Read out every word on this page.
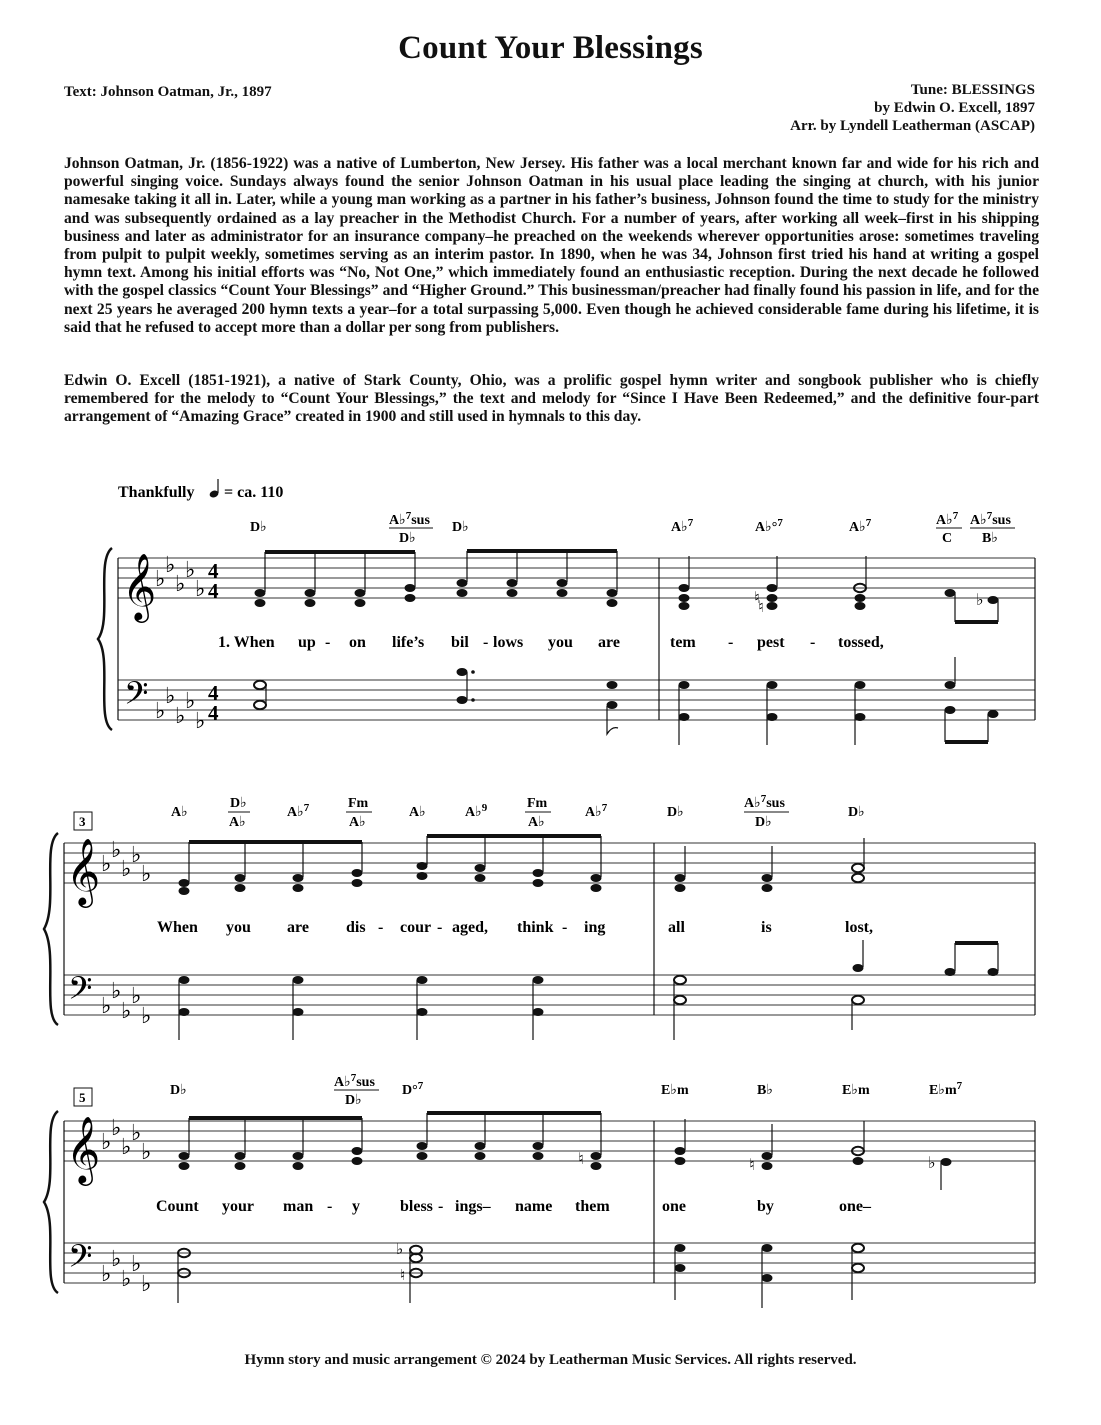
Count Your Blessings
Text: Johnson Oatman, Jr., 1897	Tune: BLESSINGS
by Edwin O. Excell, 1897
Arr. by Lyndell Leatherman (ASCAP)

Johnson Oatman, Jr. (1856-1922) was a native of Lumberton, New Jersey. His father was a local merchant known far and wide for his rich and powerful singing voice. Sundays always found the senior Johnson Oatman in his usual place leading the singing at church, with his junior namesake taking it all in. Later, while a young man working as a partner in his father’s business, Johnson found the time to study for the ministry and was subsequently ordained as a lay preacher in the Methodist Church. For a number of years, after working all week–first in his shipping business and later as administrator for an insurance company–he preached on the weekends wherever opportunities arose: sometimes traveling from pulpit to pulpit weekly, sometimes serving as an interim pastor. In 1890, when he was 34, Johnson first tried his hand at writing a gospel hymn text. Among his initial efforts was “No, Not One,” which immediately found an enthusiastic reception. During the next decade he followed with the gospel classics “Count Your Blessings” and “Higher Ground.” This businessman/preacher had finally found his passion in life, and for the next 25 years he averaged 200 hymn texts a year–for a total surpassing 5,000. Even though he achieved considerable fame during his lifetime, it is said that he refused to accept more than a dollar per song from publishers.

Edwin O. Excell (1851-1921), a native of Stark County, Ohio, was a prolific gospel hymn writer and songbook publisher who is chiefly remembered for the melody to “Count Your Blessings,” the text and melody for “Since I Have Been Redeemed,” and the definitive four-part arrangement of “Amazing Grace” created in 1900 and still used in hymnals to this day.

Thankfully = ca. 110
D♭	A♭$^7$sus
D♭
D♭	A♭$^7$	A♭°$^7$	A♭$^7$	A♭$^7$
C
A♭$^7$sus
B♭
𝄞
♭
♭
♭
♭
♭
4
4
𝄢 ♭
♭
♭
♭
♭
4
4
♮
♮	♭
1. When up - on life’s bil - lows you are	tem - pest - tossed,
3
A♭
D♭
A♭
A♭$^7$	Fm
A♭
A♭	A♭$^9$	Fm
A♭
A♭$^7$	D♭
A♭$^7$sus
D♭
D♭
𝄞 ♭
♭
♭
♭
♭
𝄢 ♭
♭
♭
♭
♭
When you are dis - cour - aged, think - ing	all	is	lost,
5	D♭
A♭$^7$sus
D♭
D°$^7$	E♭m	B♭	E♭m	$E♭m^7$
𝄞 ♭
♭
♭
♭
♭
𝄢 ♭
♭
♭
♭
♭
♮	♮	♭
Count your man - y	bless - ings– name them	one	by	one–
♭
♮
Hymn story and music arrangement © 2024 by Leatherman Music Services. All rights reserved.
